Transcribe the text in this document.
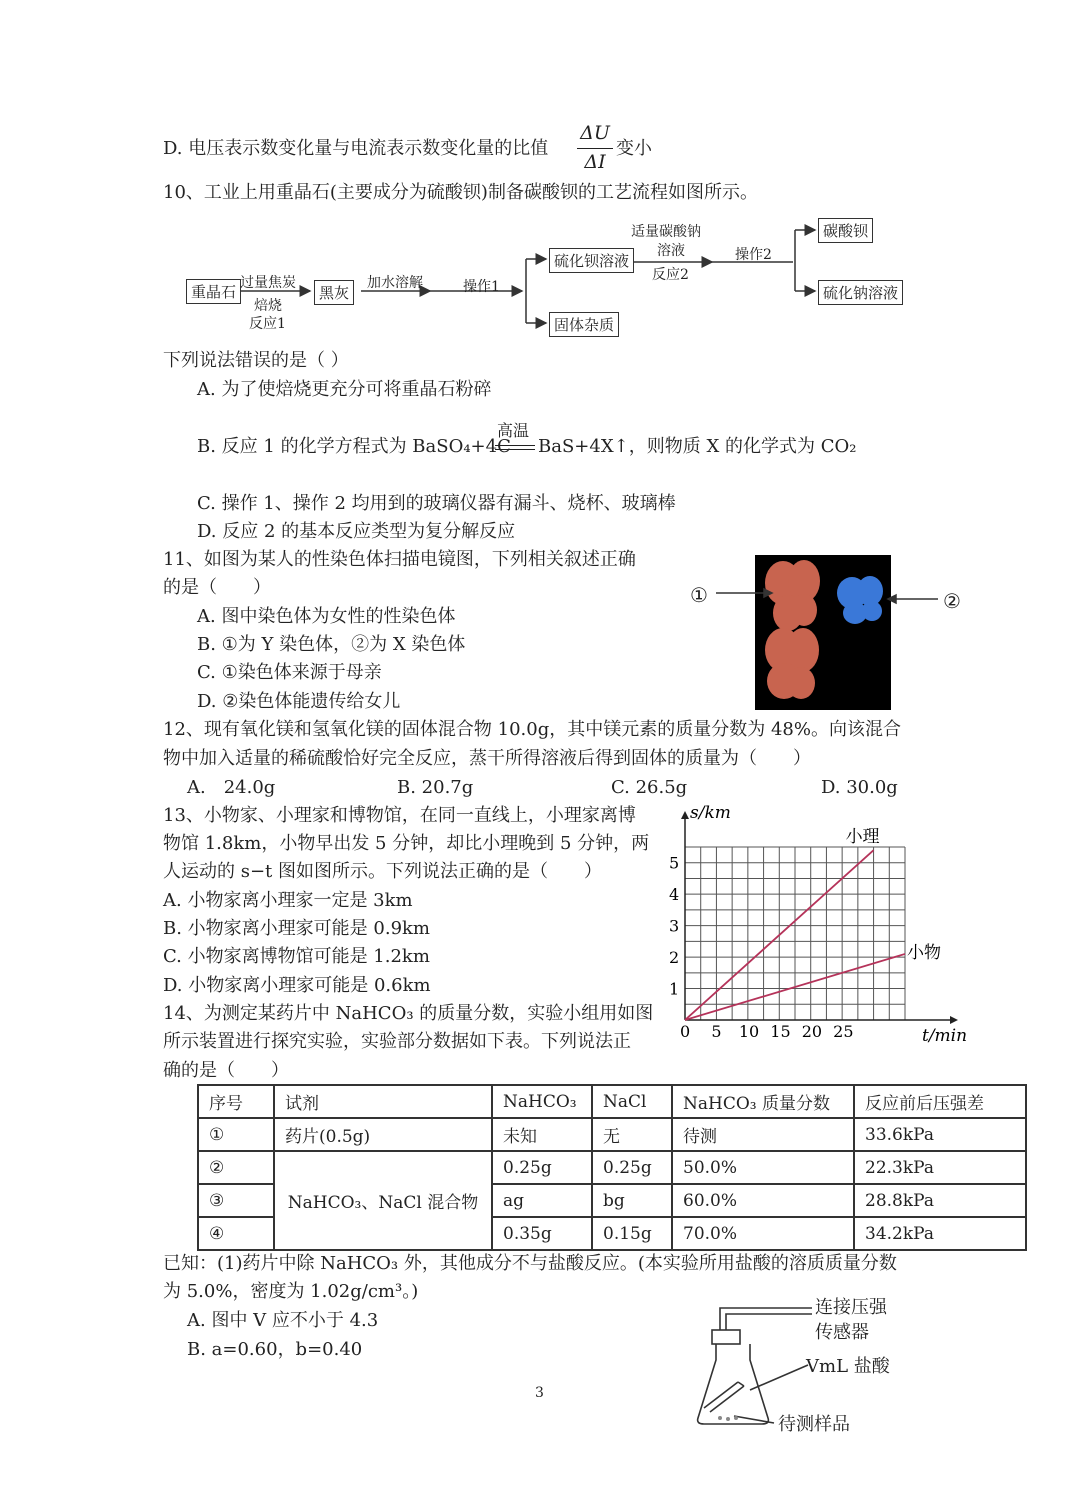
D. 电压表示数变化量与电流表示数变化量的比值
ΔU
ΔI
变小
10、工业上用重晶石(主要成分为硫酸钡)制备碳酸钡的工艺流程如图所示。
重晶石	黑灰
硫化钡溶液
固体杂质
碳酸钡
硫化钠溶液
过量焦炭
焙烧
反应1
加水溶解	操作1
适量碳酸钠
溶液
反应2
操作2
下列说法错误的是（ ）
A. 为了使焙烧更充分可将重晶石粉碎
B. 反应 1 的化学方程式为 BaSO₄+4C
高温
BaS+4X↑，则物质 X 的化学式为 CO₂
C. 操作 1、操作 2 均用到的玻璃仪器有漏斗、烧杯、玻璃棒
D. 反应 2 的基本反应类型为复分解反应
11、如图为某人的性染色体扫描电镜图，下列相关叙述正确
的是（　　）
A. 图中染色体为女性的性染色体
B. ①为 Y 染色体，②为 X 染色体
C. ①染色体来源于母亲
D. ②染色体能遗传给女儿
①	②
12、现有氧化镁和氢氧化镁的固体混合物 10.0g，其中镁元素的质量分数为 48%。向该混合
物中加入适量的稀硫酸恰好完全反应，蒸干所得溶液后得到固体的质量为（　　）
A.　24.0g	B. 20.7g	C. 26.5g	D. 30.0g
13、小物家、小理家和博物馆，在同一直线上，小理家离博
物馆 1.8km，小物早出发 5 分钟，却比小理晚到 5 分钟，两
人运动的 s−t 图如图所示。下列说法正确的是（　　）
A. 小物家离小理家一定是 3km
B. 小物家离小理家可能是 0.9km
C. 小物家离博物馆可能是 1.2km
D. 小物家离小理家可能是 0.6km
0 5 10 15 20 25
1
2
3
4
5
小理
小物
s/km
t/min
14、为测定某药片中 NaHCO₃ 的质量分数，实验小组用如图
所示装置进行探究实验，实验部分数据如下表。下列说法正
确的是（　　）
序号	试剂	NaHCO₃	NaCl	NaHCO₃ 质量分数	反应前后压强差
①	药片(0.5g)	未知	无	待测	33.6kPa
②	NaHCO₃、NaCl 混合物	0.25g	0.25g	50.0%	22.3kPa
③		ag	bg	60.0%	28.8kPa
④		0.35g	0.15g	70.0%	34.2kPa
已知：(1)药片中除 NaHCO₃ 外，其他成分不与盐酸反应。(本实验所用盐酸的溶质质量分数
为 5.0%，密度为 1.02g/cm³。)
A. 图中 V 应不小于 4.3
B. a=0.60，b=0.40
连接压强
传感器
VmL 盐酸
待测样品
3
